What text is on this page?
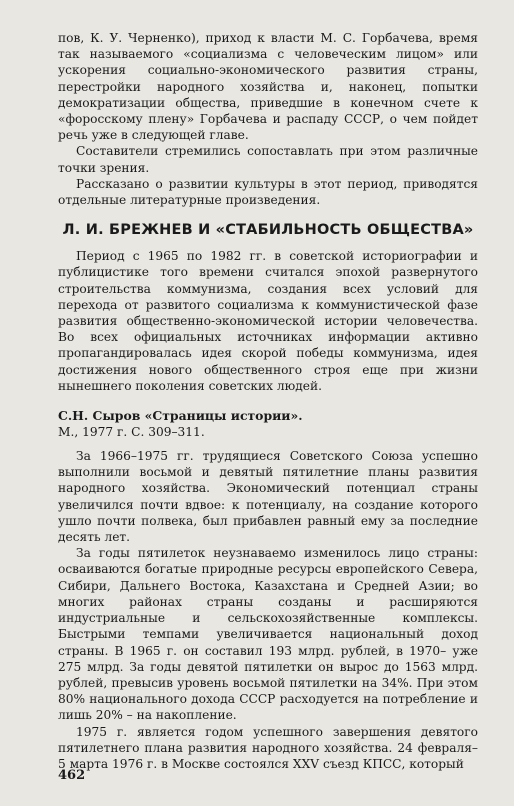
пов, К. У. Черненко), приход к власти М. С. Горбачева, время так называемого «социализма с человеческим лицом» или ускорения социально-экономического развития страны, перестройки народного хозяйства и, наконец, попытки демократизации общества, приведшие в конечном счете к «форосскому плену» Горбачева и распаду СССР, о чем пойдет речь уже в следующей главе.

Составители стремились сопоставлать при этом различные точки зрения.

Рассказано о развитии культуры в этот период, приводятся отдельные литературные произведения.

Л. И. БРЕЖНЕВ И «СТАБИЛЬНОСТЬ ОБЩЕСТВА»

Период с 1965 по 1982 гг. в советской историографии и публицистике того времени считался эпохой развернутого строительства коммунизма, создания всех условий для перехода от развитого социализма к коммунистической фазе развития общественно-экономической истории человечества. Во всех официальных источниках информации активно пропагандировалась идея скорой победы коммунизма, идея достижения нового общественного строя еще при жизни нынешнего поколения советских людей.

С.Н. Сыров «Страницы истории».
М., 1977 г. С. 309–311.

За 1966–1975 гг. трудящиеся Советского Союза успешно выполнили восьмой и девятый пятилетние планы развития народного хозяйства. Экономический потенциал страны увеличился почти вдвое: к потенциалу, на создание которого ушло почти полвека, был прибавлен равный ему за последние десять лет.

За годы пятилеток неузнаваемо изменилось лицо страны: осваиваются богатые природные ресурсы европейского Севера, Сибири, Дальнего Востока, Казахстана и Средней Азии; во многих районах страны созданы и расширяются индустриальные и сельскохозяйственные комплексы. Быстрыми темпами увеличивается национальный доход страны. В 1965 г. он составил 193 млрд. рублей, в 1970– уже 275 млрд. За годы девятой пятилетки он вырос до 1563 млрд. рублей, превысив уровень восьмой пятилетки на 34%. При этом 80% национального дохода СССР расходуется на потребление и лишь 20% – на накопление.

1975 г. является годом успешного завершения девятого пятилетнего плана развития народного хозяйства. 24 февраля– 5 марта 1976 г. в Москве состоялся XXV съезд КПСС, который

462
